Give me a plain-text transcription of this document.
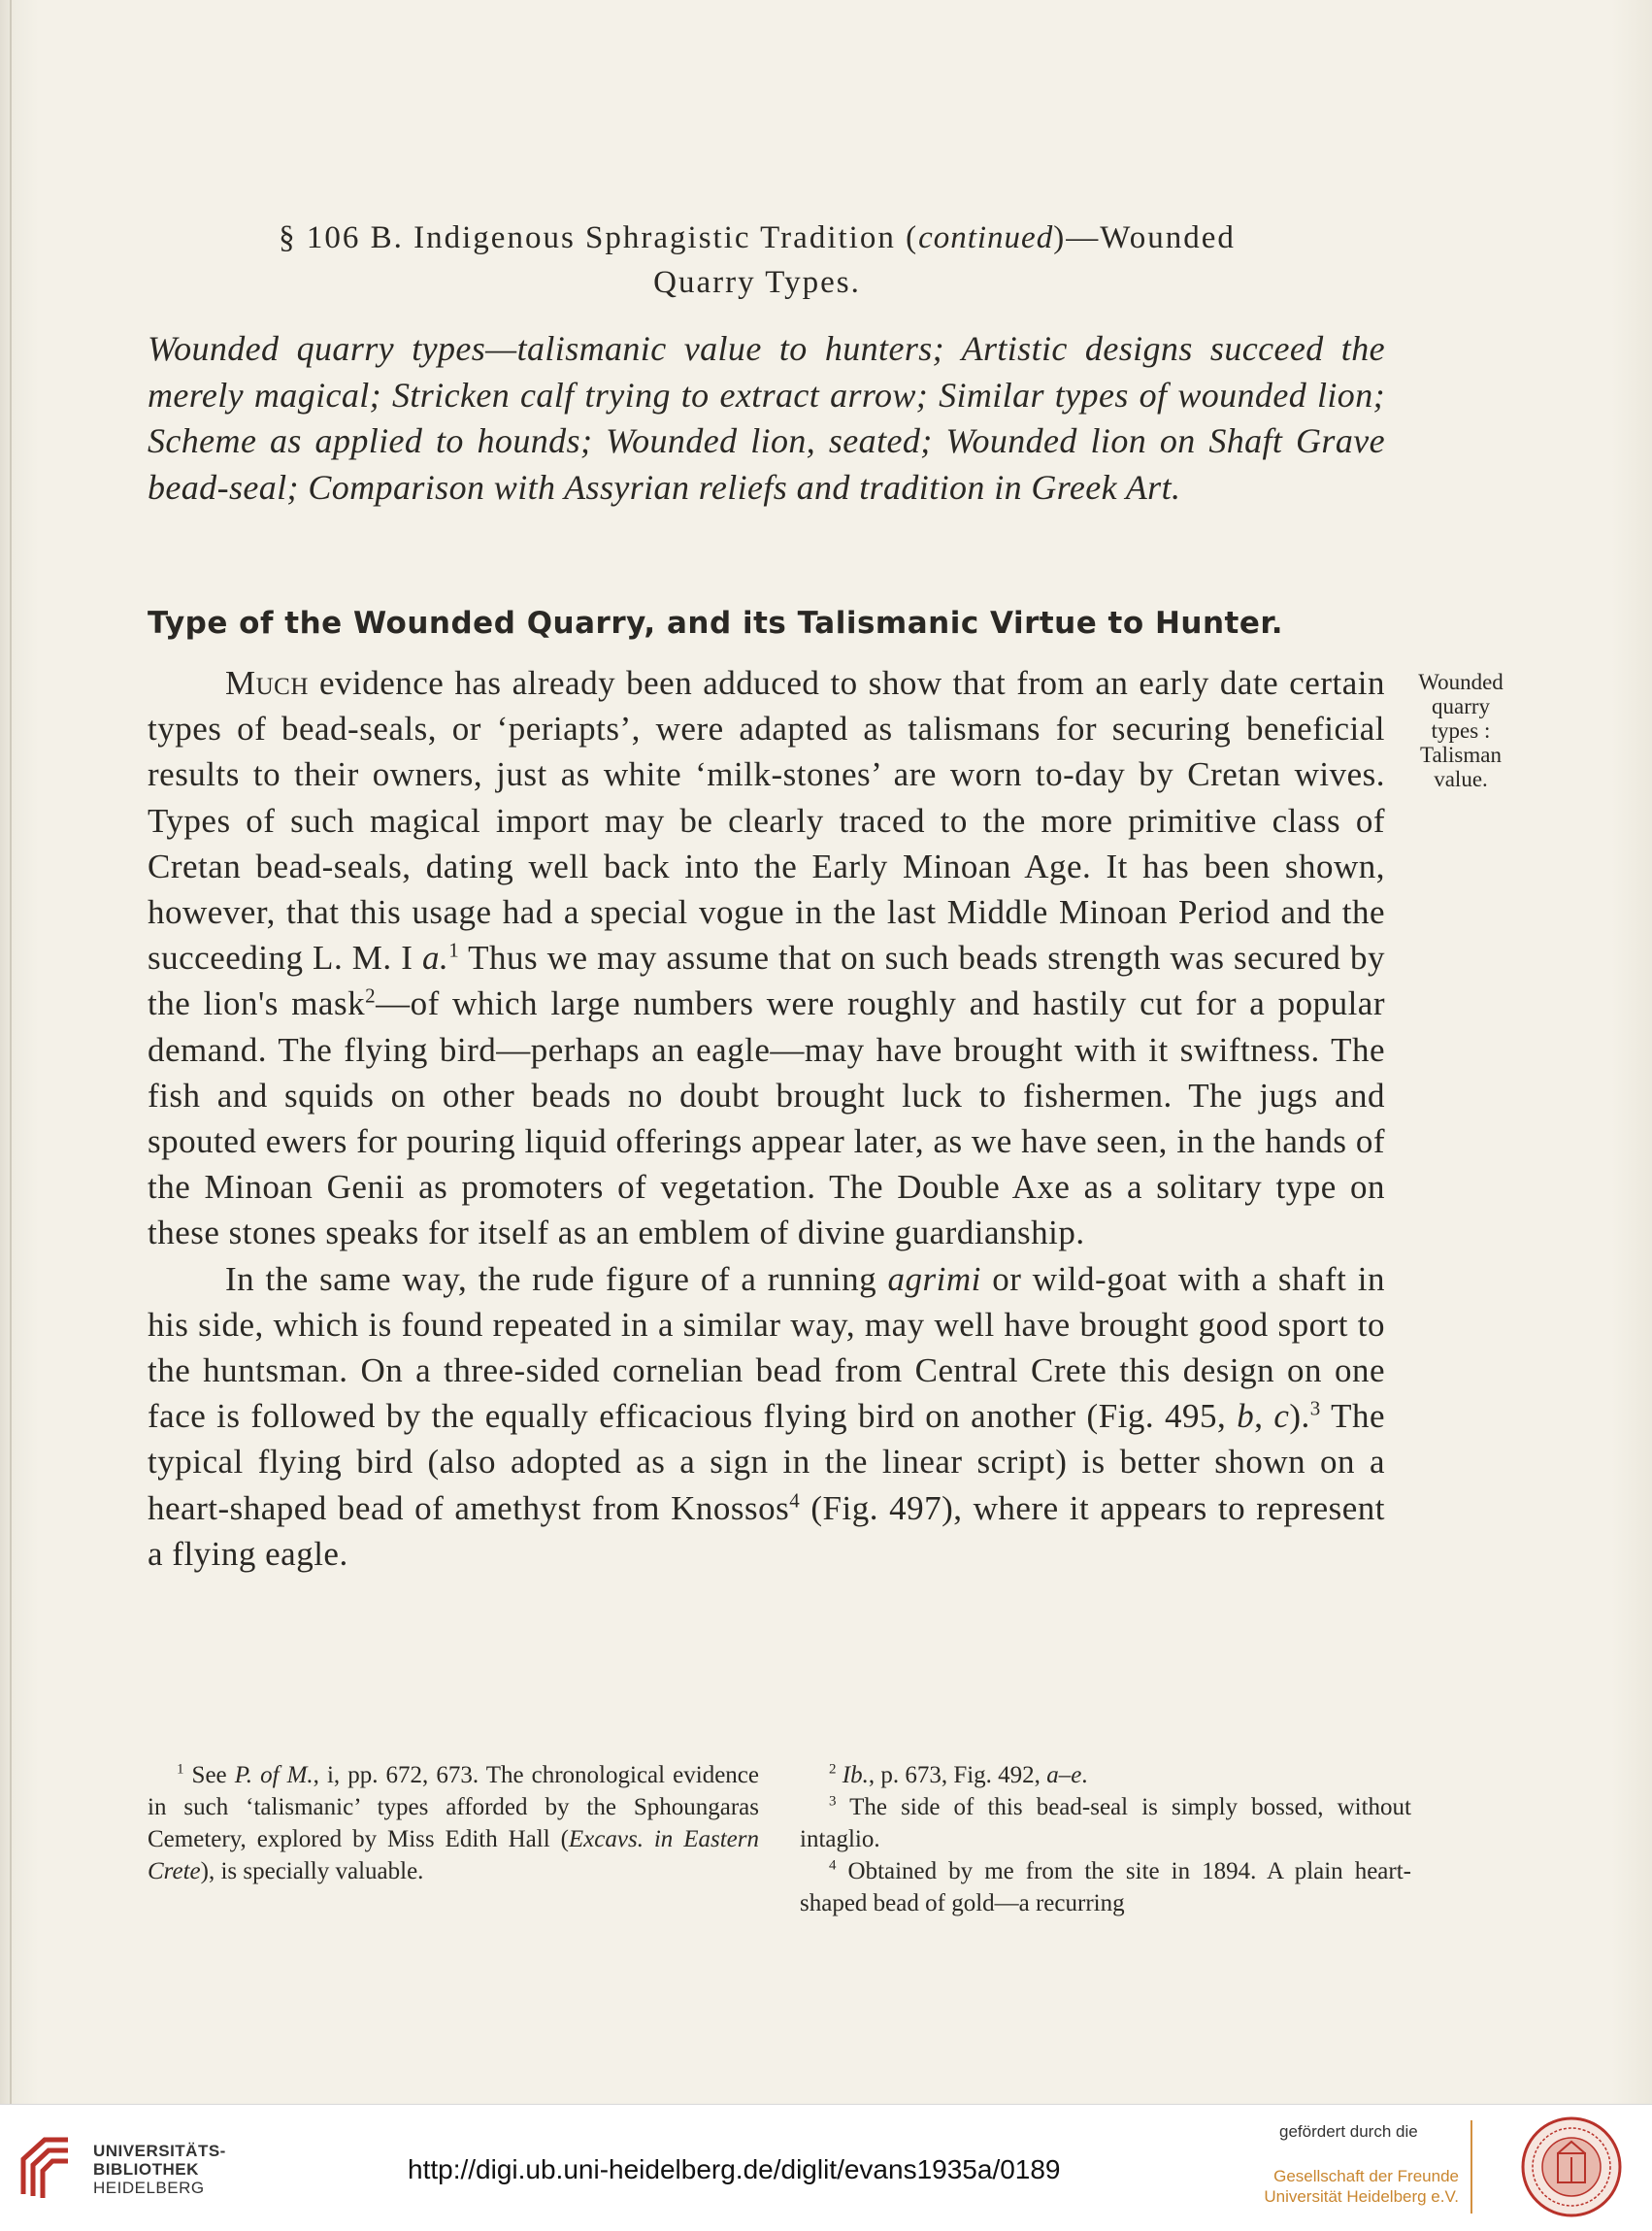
§ 106 B. Indigenous Sphragistic Tradition (continued)—Wounded
Quarry Types.
Wounded quarry types—talismanic value to hunters; Artistic designs succeed the merely magical; Stricken calf trying to extract arrow; Similar types of wounded lion; Scheme as applied to hounds; Wounded lion, seated; Wounded lion on Shaft Grave bead-seal; Comparison with Assyrian reliefs and tradition in Greek Art.
Type of the Wounded Quarry, and its Talismanic Virtue to Hunter.

Much evidence has already been adduced to show that from an early date certain types of bead-seals, or ‘periapts’, were adapted as talismans for securing beneficial results to their owners, just as white ‘milk-stones’ are worn to-day by Cretan wives. Types of such magical import may be clearly traced to the more primitive class of Cretan bead-seals, dating well back into the Early Minoan Age. It has been shown, however, that this usage had a special vogue in the last Middle Minoan Period and the succeeding L. M. I a.$^1$ Thus we may assume that on such beads strength was secured by the lion's mask$^2$—of which large numbers were roughly and hastily cut for a popular demand. The flying bird—perhaps an eagle—may have brought with it swiftness. The fish and squids on other beads no doubt brought luck to fishermen. The jugs and spouted ewers for pouring liquid offerings appear later, as we have seen, in the hands of the Minoan Genii as promoters of vegetation. The Double Axe as a solitary type on these stones speaks for itself as an emblem of divine guardianship.

In the same way, the rude figure of a running agrimi or wild-goat with a shaft in his side, which is found repeated in a similar way, may well have brought good sport to the huntsman. On a three-sided cornelian bead from Central Crete this design on one face is followed by the equally efficacious flying bird on another (Fig. 495, b, c).$^3$ The typical flying bird (also adopted as a sign in the linear script) is better shown on a heart-shaped bead of amethyst from Knossos$^4$ (Fig. 497), where it appears to represent a flying eagle.

Wounded
quarry
types :
Talisman
value.

$^1$ See P. of M., i, pp. 672, 673. The chronological evidence in such ‘talismanic’ types afforded by the Sphoungaras Cemetery, explored by Miss Edith Hall (Excavs. in Eastern Crete), is specially valuable.

$^2$ Ib., p. 673, Fig. 492, a–e.

$^3$ The side of this bead-seal is simply bossed, without intaglio.

$^4$ Obtained by me from the site in 1894. A plain heart-shaped bead of gold—a recurring

UNIVERSITÄTS-
BIBLIOTHEK
HEIDELBERG
http://digi.ub.uni-heidelberg.de/diglit/evans1935a/0189
gefördert durch die
Gesellschaft der Freunde
Universität Heidelberg e.V.
